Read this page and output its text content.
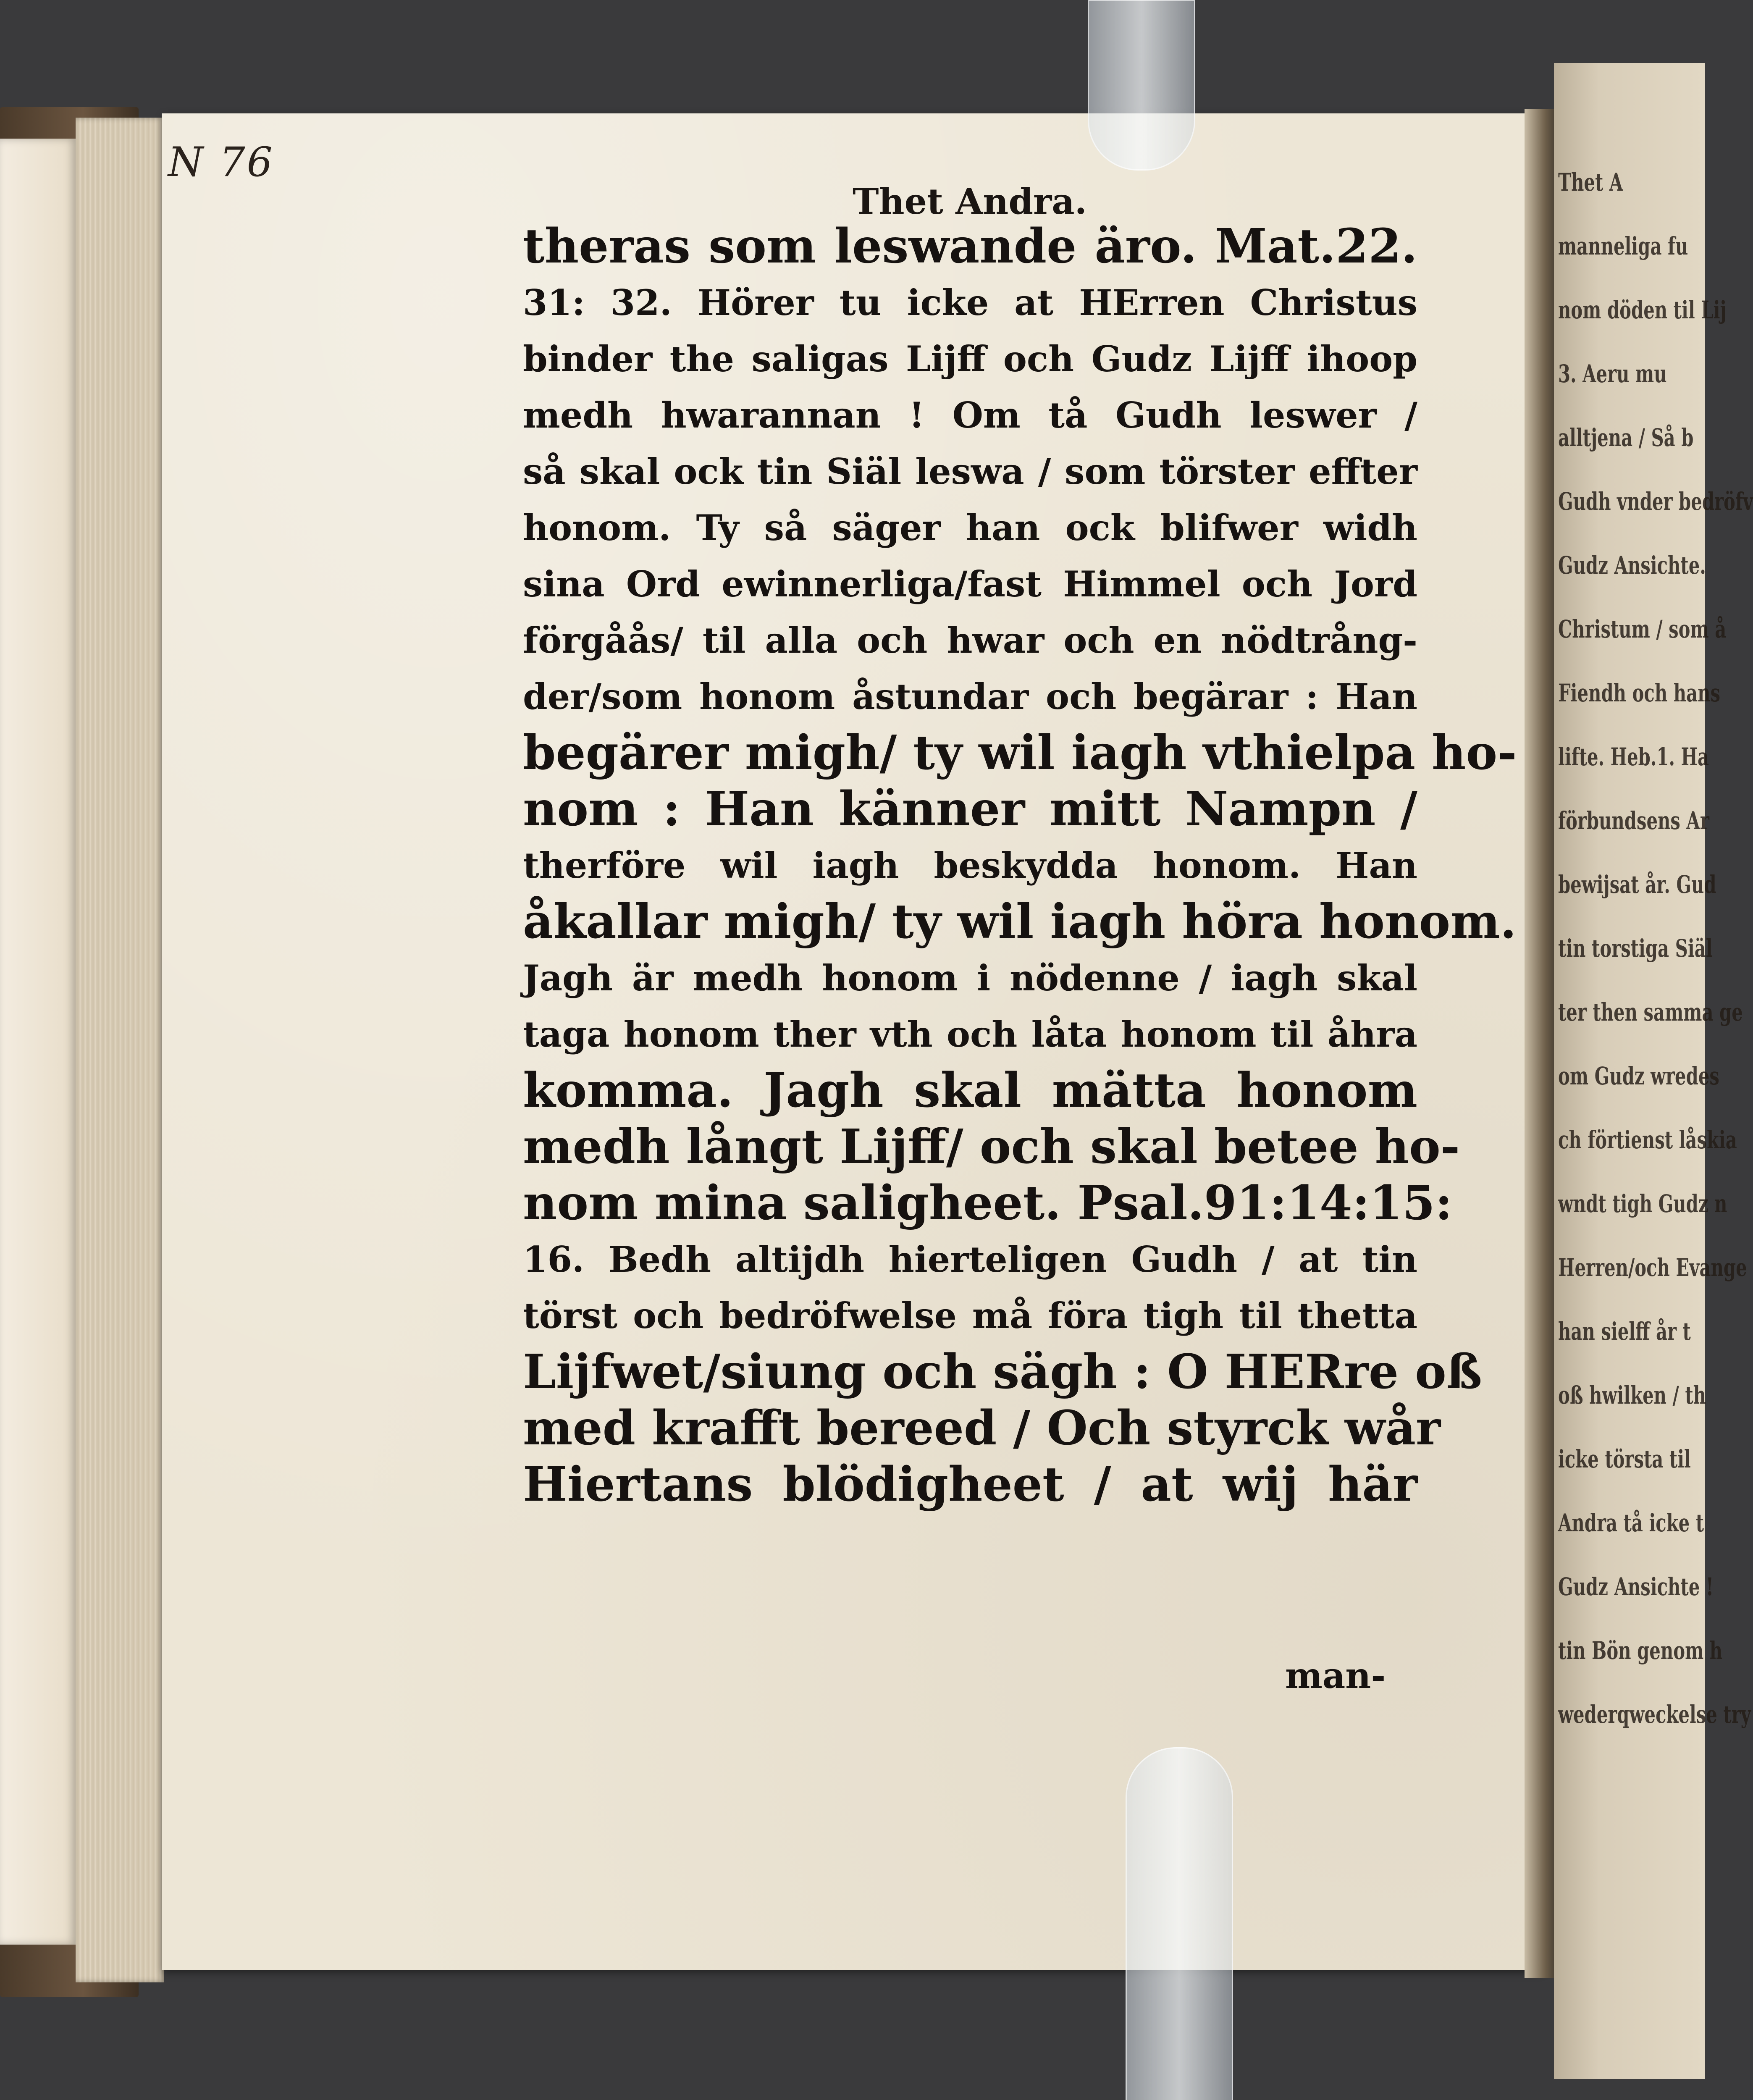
Thet A
manneliga fu
nom döden til Lij
3. Aeru mu
alltjena / Så b
Gudh vnder bedröfv
Gudz Ansichte.
Christum / som å
Fiendh och hans
lifte. Heb.1. Ha
förbundsens Ar
bewijsat år. Gud
tin torstiga Siäl
ter then samma ge
om Gudz wredes
ch förtienst låskia
wndt tigh Gudz n
Herren/och Evange
han sielff år t
oß hwilken / th
icke törsta til
Andra tå icke t
Gudz Ansichte !
tin Bön genom h
wederqweckelse try
N 76
Thet Andra.
theras som leswande äro. Mat.22.
31: 32. Hörer tu icke at HErren Christus
binder the saligas Lijff och Gudz Lijff ihoop
medh hwarannan ! Om tå Gudh leswer /
så skal ock tin Siäl leswa / som törster effter
honom. Ty så säger han ock blifwer widh
sina Ord ewinnerliga/fast Himmel och Jord
förgåås/ til alla och hwar och en nödtrång-
der/som honom åstundar och begärar : Han
begärer migh/ ty wil iagh vthielpa ho-
nom : Han känner mitt Nampn /
therföre wil iagh beskydda honom. Han
åkallar migh/ ty wil iagh höra honom.
Jagh är medh honom i nödenne / iagh skal
taga honom ther vth och låta honom til åhra
komma. Jagh skal mätta honom
medh långt Lijff/ och skal betee ho-
nom mina saligheet. Psal.91:14:15:
16. Bedh altijdh hierteligen Gudh / at tin
törst och bedröfwelse må föra tigh til thetta
Lijfwet/siung och sägh : O HERre oß
med krafft bereed / Och styrck wår
Hiertans blödigheet / at wij här
man-
